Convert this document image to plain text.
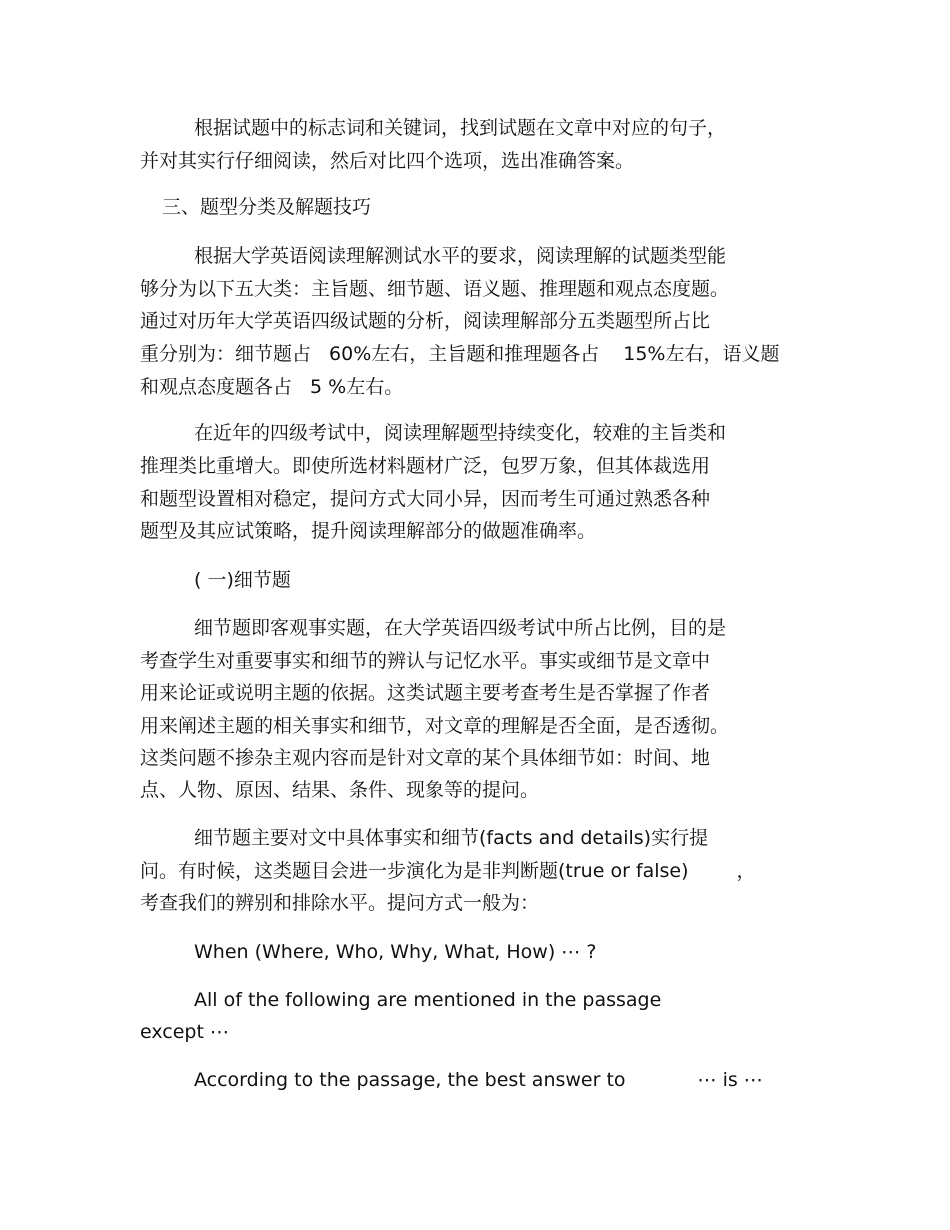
根据试题中的标志词和关键词，找到试题在文章中对应的句子，
并对其实行仔细阅读，然后对比四个选项，选出准确答案。
三、题型分类及解题技巧
根据大学英语阅读理解测试水平的要求，阅读理解的试题类型能
够分为以下五大类：主旨题、细节题、语义题、推理题和观点态度题。
通过对历年大学英语四级试题的分析，阅读理解部分五类题型所占比
重分别为：细节题占 60%左右，主旨题和推理题各占 15%左右，语义题
和观点态度题各占 5 %左右。
在近年的四级考试中，阅读理解题型持续变化，较难的主旨类和
推理类比重增大。即使所选材料题材广泛，包罗万象，但其体裁选用
和题型设置相对稳定，提问方式大同小异，因而考生可通过熟悉各种
题型及其应试策略，提升阅读理解部分的做题准确率。
( 一)细节题
细节题即客观事实题，在大学英语四级考试中所占比例，目的是
考查学生对重要事实和细节的辨认与记忆水平。事实或细节是文章中
用来论证或说明主题的依据。这类试题主要考查考生是否掌握了作者
用来阐述主题的相关事实和细节，对文章的理解是否全面，是否透彻。
这类问题不掺杂主观内容而是针对文章的某个具体细节如：时间、地
点、人物、原因、结果、条件、现象等的提问。
细节题主要对文中具体事实和细节(facts and details)实行提
问。有时候，这类题目会进一步演化为是非判断题(true or false)	，
考查我们的辨别和排除水平。提问方式一般为：
When (Where, Who, Why, What, How) ⋯ ?
All of the following are mentioned in the passage
except ⋯
According to the passage, the best answer to	⋯ is ⋯
